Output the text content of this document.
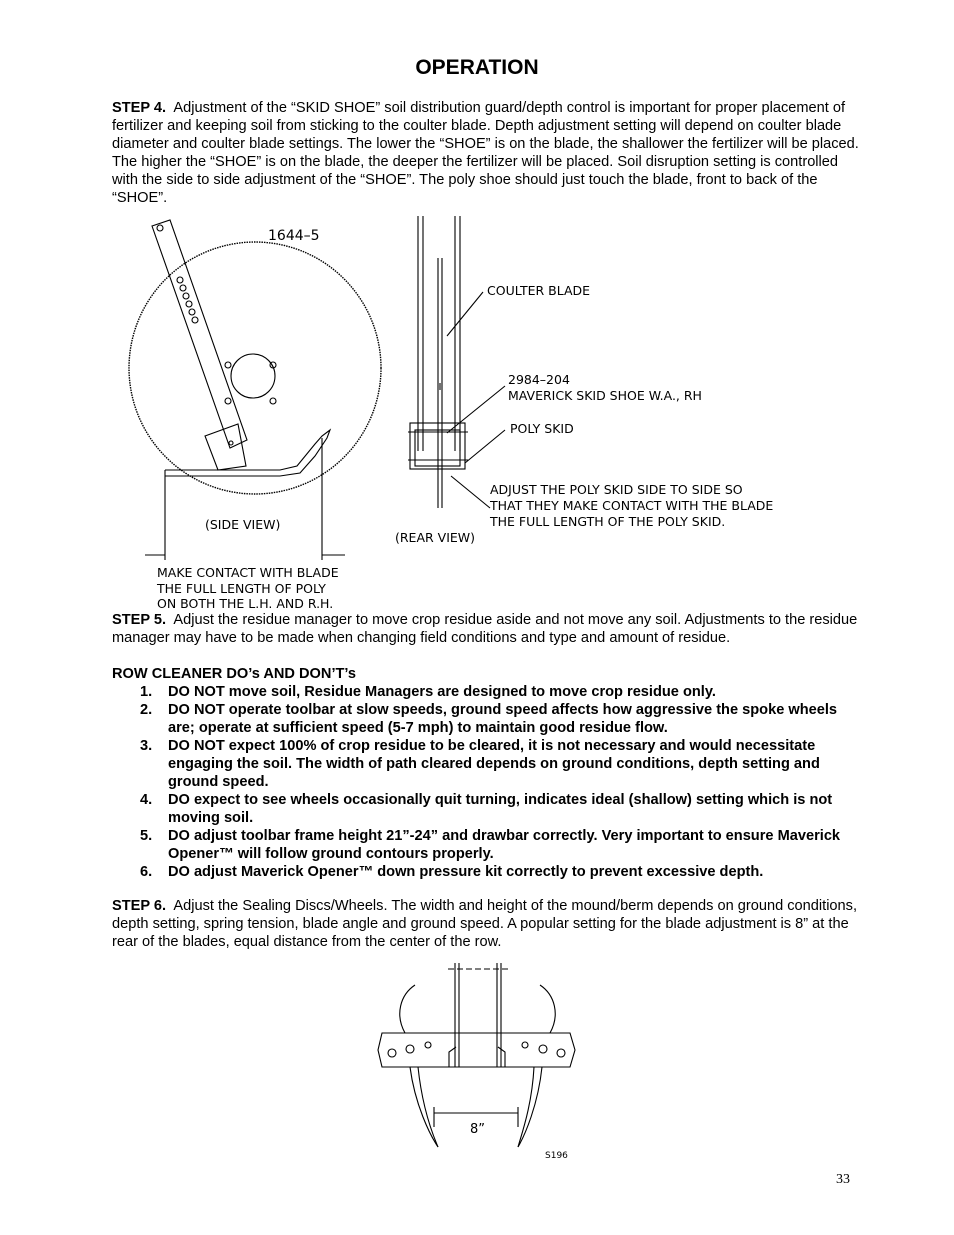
OPERATION

STEP 4. Adjustment of the “SKID SHOE” soil distribution guard/depth control is important for proper placement of fertilizer and keeping soil from sticking to the coulter blade. Depth adjustment setting will depend on coulter blade diameter and coulter blade settings. The lower the “SHOE” is on the blade, the shallower the fertilizer will be placed. The higher the “SHOE” is on the blade, the deeper the fertilizer will be placed. Soil disruption setting is controlled with the side to side adjustment of the “SHOE”. The poly shoe should just touch the blade, front to back of the “SHOE”.

1644–5
COULTER BLADE
2984–204
MAVERICK SKID SHOE W.A., RH
POLY SKID
ADJUST THE POLY SKID SIDE TO SIDE SO
THAT THEY MAKE CONTACT WITH THE BLADE
THE FULL LENGTH OF THE POLY SKID.
(SIDE VIEW)
(REAR VIEW)
MAKE CONTACT WITH BLADE
THE FULL LENGTH OF POLY
ON BOTH THE L.H. AND R.H.

STEP 5. Adjust the residue manager to move crop residue aside and not move any soil. Adjustments to the residue manager may have to be made when changing field conditions and type and amount of residue.

ROW CLEANER DO’s AND DON’T’s
1. DO NOT move soil, Residue Managers are designed to move crop residue only.
2. DO NOT operate toolbar at slow speeds, ground speed affects how aggressive the spoke wheels are; operate at sufficient speed (5-7 mph) to maintain good residue flow.
3. DO NOT expect 100% of crop residue to be cleared, it is not necessary and would necessitate engaging the soil. The width of path cleared depends on ground conditions, depth setting and ground speed.
4. DO expect to see wheels occasionally quit turning, indicates ideal (shallow) setting which is not moving soil.
5. DO adjust toolbar frame height 21”-24” and drawbar correctly. Very important to ensure Maverick Opener™ will follow ground contours properly.
6. DO adjust Maverick Opener™ down pressure kit correctly to prevent excessive depth.

STEP 6. Adjust the Sealing Discs/Wheels. The width and height of the mound/berm depends on ground conditions, depth setting, spring tension, blade angle and ground speed. A popular setting for the blade adjustment is 8” at the rear of the blades, equal distance from the center of the row.

8”
S196
33
